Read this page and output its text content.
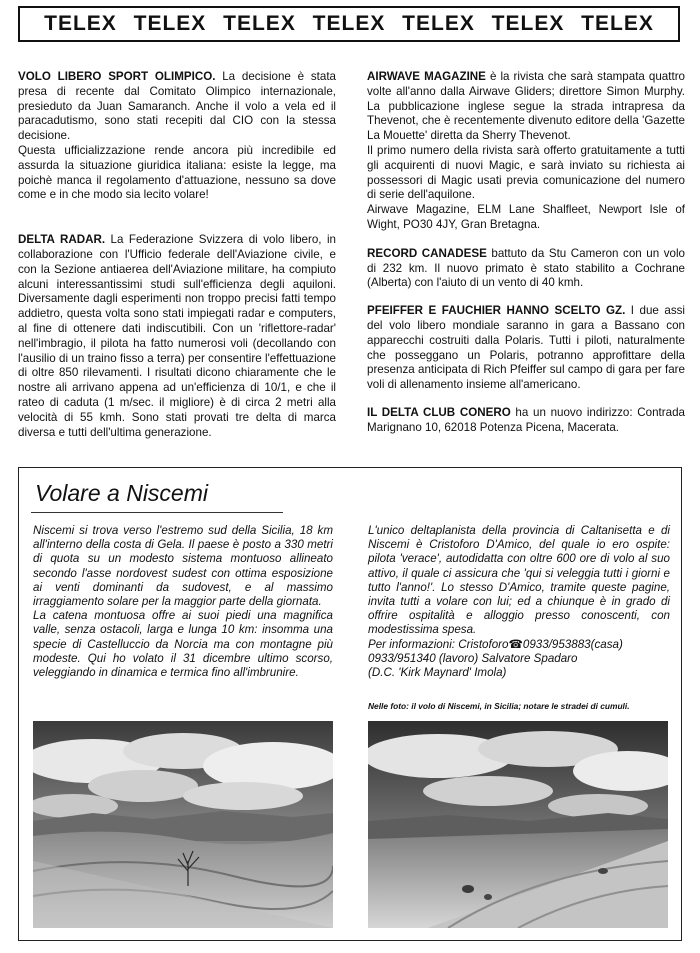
TELEX TELEX TELEX TELEX TELEX TELEX TELEX

VOLO LIBERO SPORT OLIMPICO. La decisione è stata presa di recente dal Comitato Olimpico internazionale, presieduto da Juan Samaranch. Anche il volo a vela ed il paracadutismo, sono stati recepiti dal CIO con la stessa decisione.

Questa ufficializzazione rende ancora più incredibile ed assurda la situazione giuridica italiana: esiste la legge, ma poichè manca il regolamento d'attuazione, nessuno sa dove come e in che modo sia lecito volare!

DELTA RADAR. La Federazione Svizzera di volo libero, in collaborazione con l'Ufficio federale dell'Aviazione civile, e con la Sezione antiaerea dell'Aviazione militare, ha compiuto alcuni interessantissimi studi sull'efficienza degli aquiloni. Diversamente dagli esperimenti non troppo precisi fatti tempo addietro, questa volta sono stati impiegati radar e computers, al fine di ottenere dati indiscutibili. Con un 'riflettore-radar' nell'imbragio, il pilota ha fatto numerosi voli (decollando con l'ausilio di un traino fisso a terra) per consentire l'effettuazione di oltre 850 rilevamenti. I risultati dicono chiaramente che le nostre ali arrivano appena ad un'efficienza di 10/1, e che il rateo di caduta (1 m/sec. il migliore) è di circa 2 metri alla velocità di 55 kmh. Sono stati provati tre delta di marca diversa e tutti dell'ultima generazione.

AIRWAVE MAGAZINE è la rivista che sarà stampata quattro volte all'anno dalla Airwave Gliders; direttore Simon Murphy. La pubblicazione inglese segue la strada intrapresa da Thevenot, che è recentemente divenuto editore della 'Gazette La Mouette' diretta da Sherry Thevenot.

Il primo numero della rivista sarà offerto gratuitamente a tutti gli acquirenti di nuovi Magic, e sarà inviato su richiesta ai possessori di Magic usati previa comunicazione del numero di serie dell'aquilone.

Airwave Magazine, ELM Lane Shalfleet, Newport Isle of Wight, PO30 4JY, Gran Bretagna.

RECORD CANADESE battuto da Stu Cameron con un volo di 232 km. Il nuovo primato è stato stabilito a Cochrane (Alberta) con l'aiuto di un vento di 40 kmh.

PFEIFFER E FAUCHIER HANNO SCELTO GZ. I due assi del volo libero mondiale saranno in gara a Bassano con apparecchi costruiti dalla Polaris. Tutti i piloti, naturalmente che posseggano un Polaris, potranno approfittare della presenza anticipata di Rich Pfeiffer sul campo di gara per fare voli di allenamento insieme all'americano.

IL DELTA CLUB CONERO ha un nuovo indirizzo: Contrada Marignano 10, 62018 Potenza Picena, Macerata.

Volare a Niscemi
Niscemi si trova verso l'estremo sud della Sicilia, 18 km all'interno della costa di Gela. Il paese è posto a 330 metri di quota su un modesto sistema montuoso allineato secondo l'asse nordovest sudest con ottima esposizione ai venti dominanti da sudovest, e al massimo irraggiamento solare per la maggior parte della giornata.
La catena montuosa offre ai suoi piedi una magnifica valle, senza ostacoli, larga e lunga 10 km: insomma una specie di Castelluccio da Norcia ma con montagne più modeste. Qui ho volato il 31 dicembre ultimo scorso, veleggiando in dinamica e termica fino all'imbrunire.
L'unico deltaplanista della provincia di Caltanisetta e di Niscemi è Cristoforo D'Amico, del quale io ero ospite: pilota 'verace', autodidatta con oltre 600 ore di volo al suo attivo, il quale ci assicura che 'qui si veleggia tutti i giorni e tutto l'anno!'. Lo stesso D'Amico, tramite queste pagine, invita tutti a volare con lui; ed a chiunque è in grado di offrire ospitalità e alloggio presso conoscenti, con modestissima spesa.
Per informazioni: Cristoforo☎0933/953883(casa) 0933/951340 (lavoro) Salvatore Spadaro
(D.C. 'Kirk Maynard' Imola)
Nelle foto: il volo di Niscemi, in Sicilia; notare le stradei di cumuli.
